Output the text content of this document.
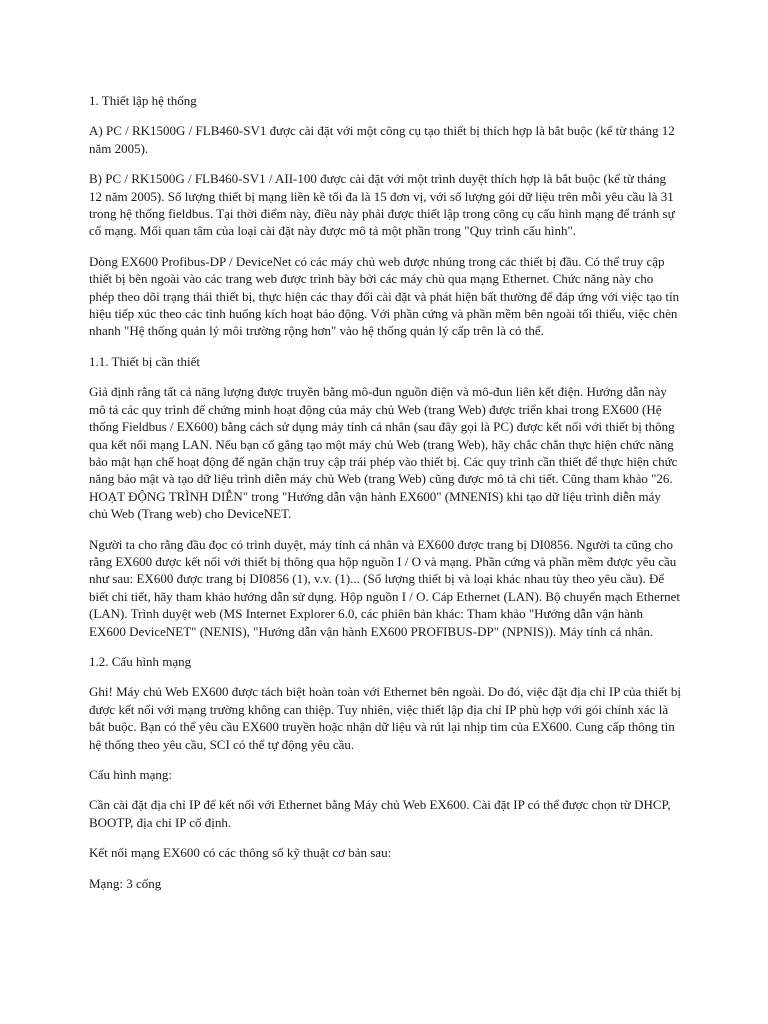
1. Thiết lập hệ thống

A) PC / RK1500G / FLB460-SV1 được cài đặt với một công cụ tạo thiết bị thích hợp là bắt buộc (kể từ tháng 12 năm 2005).

B) PC / RK1500G / FLB460-SV1 / AII-100 được cài đặt với một trình duyệt thích hợp là bắt buộc (kể từ tháng 12 năm 2005). Số lượng thiết bị mạng liền kề tối đa là 15 đơn vị, với số lượng gói dữ liệu trên mỗi yêu cầu là 31 trong hệ thống fieldbus. Tại thời điểm này, điều này phải được thiết lập trong công cụ cấu hình mạng để tránh sự cố mạng. Mối quan tâm của loại cài đặt này được mô tả một phần trong "Quy trình cấu hình".

Dòng EX600 Profibus-DP / DeviceNet có các máy chủ web được nhúng trong các thiết bị đầu. Có thể truy cập thiết bị bên ngoài vào các trang web được trình bày bởi các máy chủ qua mạng Ethernet. Chức năng này cho phép theo dõi trạng thái thiết bị, thực hiện các thay đổi cài đặt và phát hiện bất thường để đáp ứng với việc tạo tín hiệu tiếp xúc theo các tình huống kích hoạt báo động. Với phần cứng và phần mềm bên ngoài tối thiểu, việc chèn nhanh "Hệ thống quản lý môi trường rộng hơn" vào hệ thống quản lý cấp trên là có thể.

1.1. Thiết bị cần thiết

Giả định rằng tất cả năng lượng được truyền bằng mô-đun nguồn điện và mô-đun liên kết điện. Hướng dẫn này mô tả các quy trình để chứng minh hoạt động của máy chủ Web (trang Web) được triển khai trong EX600 (Hệ thống Fieldbus / EX600) bằng cách sử dụng máy tính cá nhân (sau đây gọi là PC) được kết nối với thiết bị thông qua kết nối mạng LAN. Nếu bạn cố gắng tạo một máy chủ Web (trang Web), hãy chắc chắn thực hiện chức năng bảo mật hạn chế hoạt động để ngăn chặn truy cập trái phép vào thiết bị. Các quy trình cần thiết để thực hiện chức năng bảo mật và tạo dữ liệu trình diễn máy chủ Web (trang Web) cũng được mô tả chi tiết. Cũng tham khảo "26. HOẠT ĐỘNG TRÌNH DIỄN" trong "Hướng dẫn vận hành EX600" (MNENIS) khi tạo dữ liệu trình diễn máy chủ Web (Trang web) cho DeviceNET.

Người ta cho rằng đầu đọc có trình duyệt, máy tính cá nhân và EX600 được trang bị DI0856. Người ta cũng cho rằng EX600 được kết nối với thiết bị thông qua hộp nguồn I / O và mạng. Phần cứng và phần mềm được yêu cầu như sau: EX600 được trang bị DI0856 (1), v.v. (1)... (Số lượng thiết bị và loại khác nhau tùy theo yêu cầu). Để biết chi tiết, hãy tham khảo hướng dẫn sử dụng. Hộp nguồn I / O. Cáp Ethernet (LAN). Bộ chuyển mạch Ethernet (LAN). Trình duyệt web (MS Internet Explorer 6.0, các phiên bản khác: Tham khảo "Hướng dẫn vận hành EX600 DeviceNET" (NENIS), "Hướng dẫn vận hành EX600 PROFIBUS-DP" (NPNIS)). Máy tính cá nhân.

1.2. Cấu hình mạng

Ghi! Máy chủ Web EX600 được tách biệt hoàn toàn với Ethernet bên ngoài. Do đó, việc đặt địa chỉ IP của thiết bị được kết nối với mạng trường không can thiệp. Tuy nhiên, việc thiết lập địa chỉ IP phù hợp với gói chính xác là bắt buộc. Bạn có thể yêu cầu EX600 truyền hoặc nhận dữ liệu và rút lại nhịp tim của EX600. Cung cấp thông tin hệ thống theo yêu cầu, SCI có thể tự động yêu cầu.

Cấu hình mạng:

Cần cài đặt địa chỉ IP để kết nối với Ethernet bằng Máy chủ Web EX600. Cài đặt IP có thể được chọn từ DHCP, BOOTP, địa chỉ IP cố định.

Kết nối mạng EX600 có các thông số kỹ thuật cơ bản sau:

Mạng: 3 cổng
